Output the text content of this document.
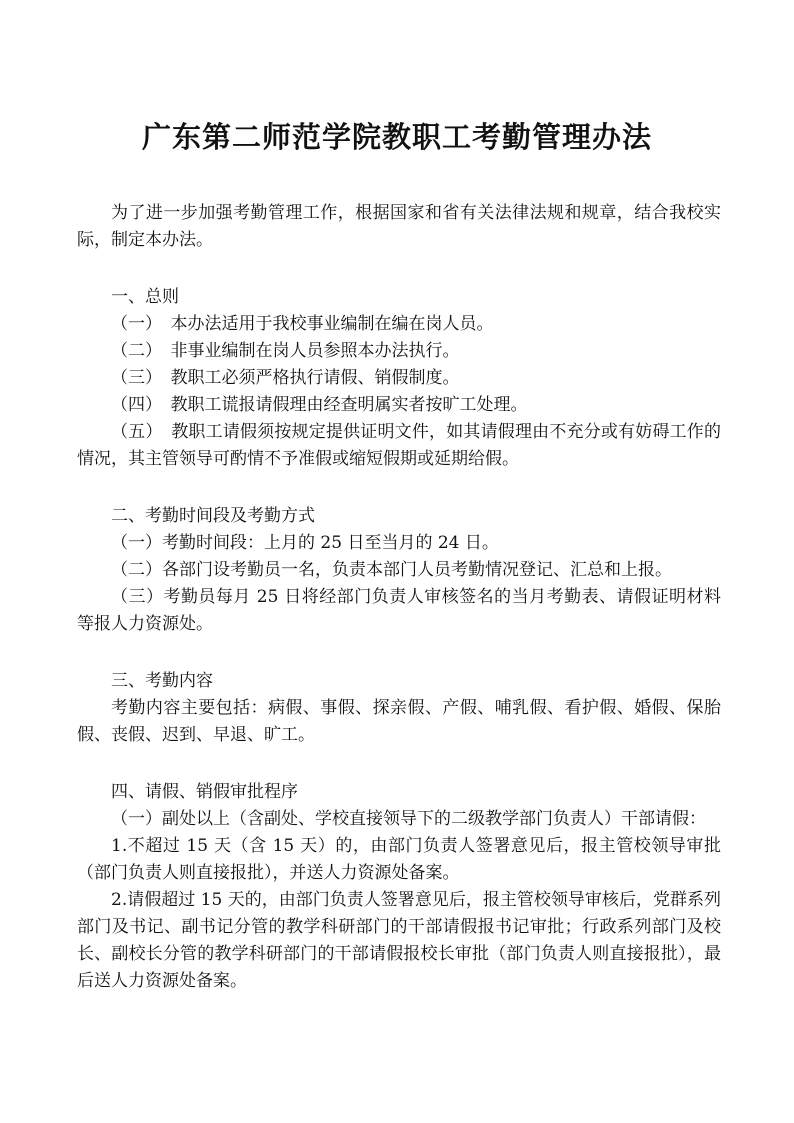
广东第二师范学院教职工考勤管理办法

为了进一步加强考勤管理工作，根据国家和省有关法律法规和规章，结合我校实际，制定本办法。

一、总则

（一）　本办法适用于我校事业编制在编在岗人员。

（二）　非事业编制在岗人员参照本办法执行。

（三）　教职工必须严格执行请假、销假制度。

（四）　教职工谎报请假理由经查明属实者按旷工处理。

（五）　教职工请假须按规定提供证明文件，如其请假理由不充分或有妨碍工作的情况，其主管领导可酌情不予准假或缩短假期或延期给假。

二、考勤时间段及考勤方式

（一）考勤时间段：上月的 25 日至当月的 24 日。

（二）各部门设考勤员一名，负责本部门人员考勤情况登记、汇总和上报。

（三）考勤员每月 25 日将经部门负责人审核签名的当月考勤表、请假证明材料等报人力资源处。

三、考勤内容

考勤内容主要包括：病假、事假、探亲假、产假、哺乳假、看护假、婚假、保胎假、丧假、迟到、早退、旷工。

四、请假、销假审批程序

（一）副处以上（含副处、学校直接领导下的二级教学部门负责人）干部请假：

1.不超过 15 天（含 15 天）的，由部门负责人签署意见后，报主管校领导审批（部门负责人则直接报批），并送人力资源处备案。

2.请假超过 15 天的，由部门负责人签署意见后，报主管校领导审核后，党群系列部门及书记、副书记分管的教学科研部门的干部请假报书记审批；行政系列部门及校长、副校长分管的教学科研部门的干部请假报校长审批（部门负责人则直接报批），最后送人力资源处备案。
